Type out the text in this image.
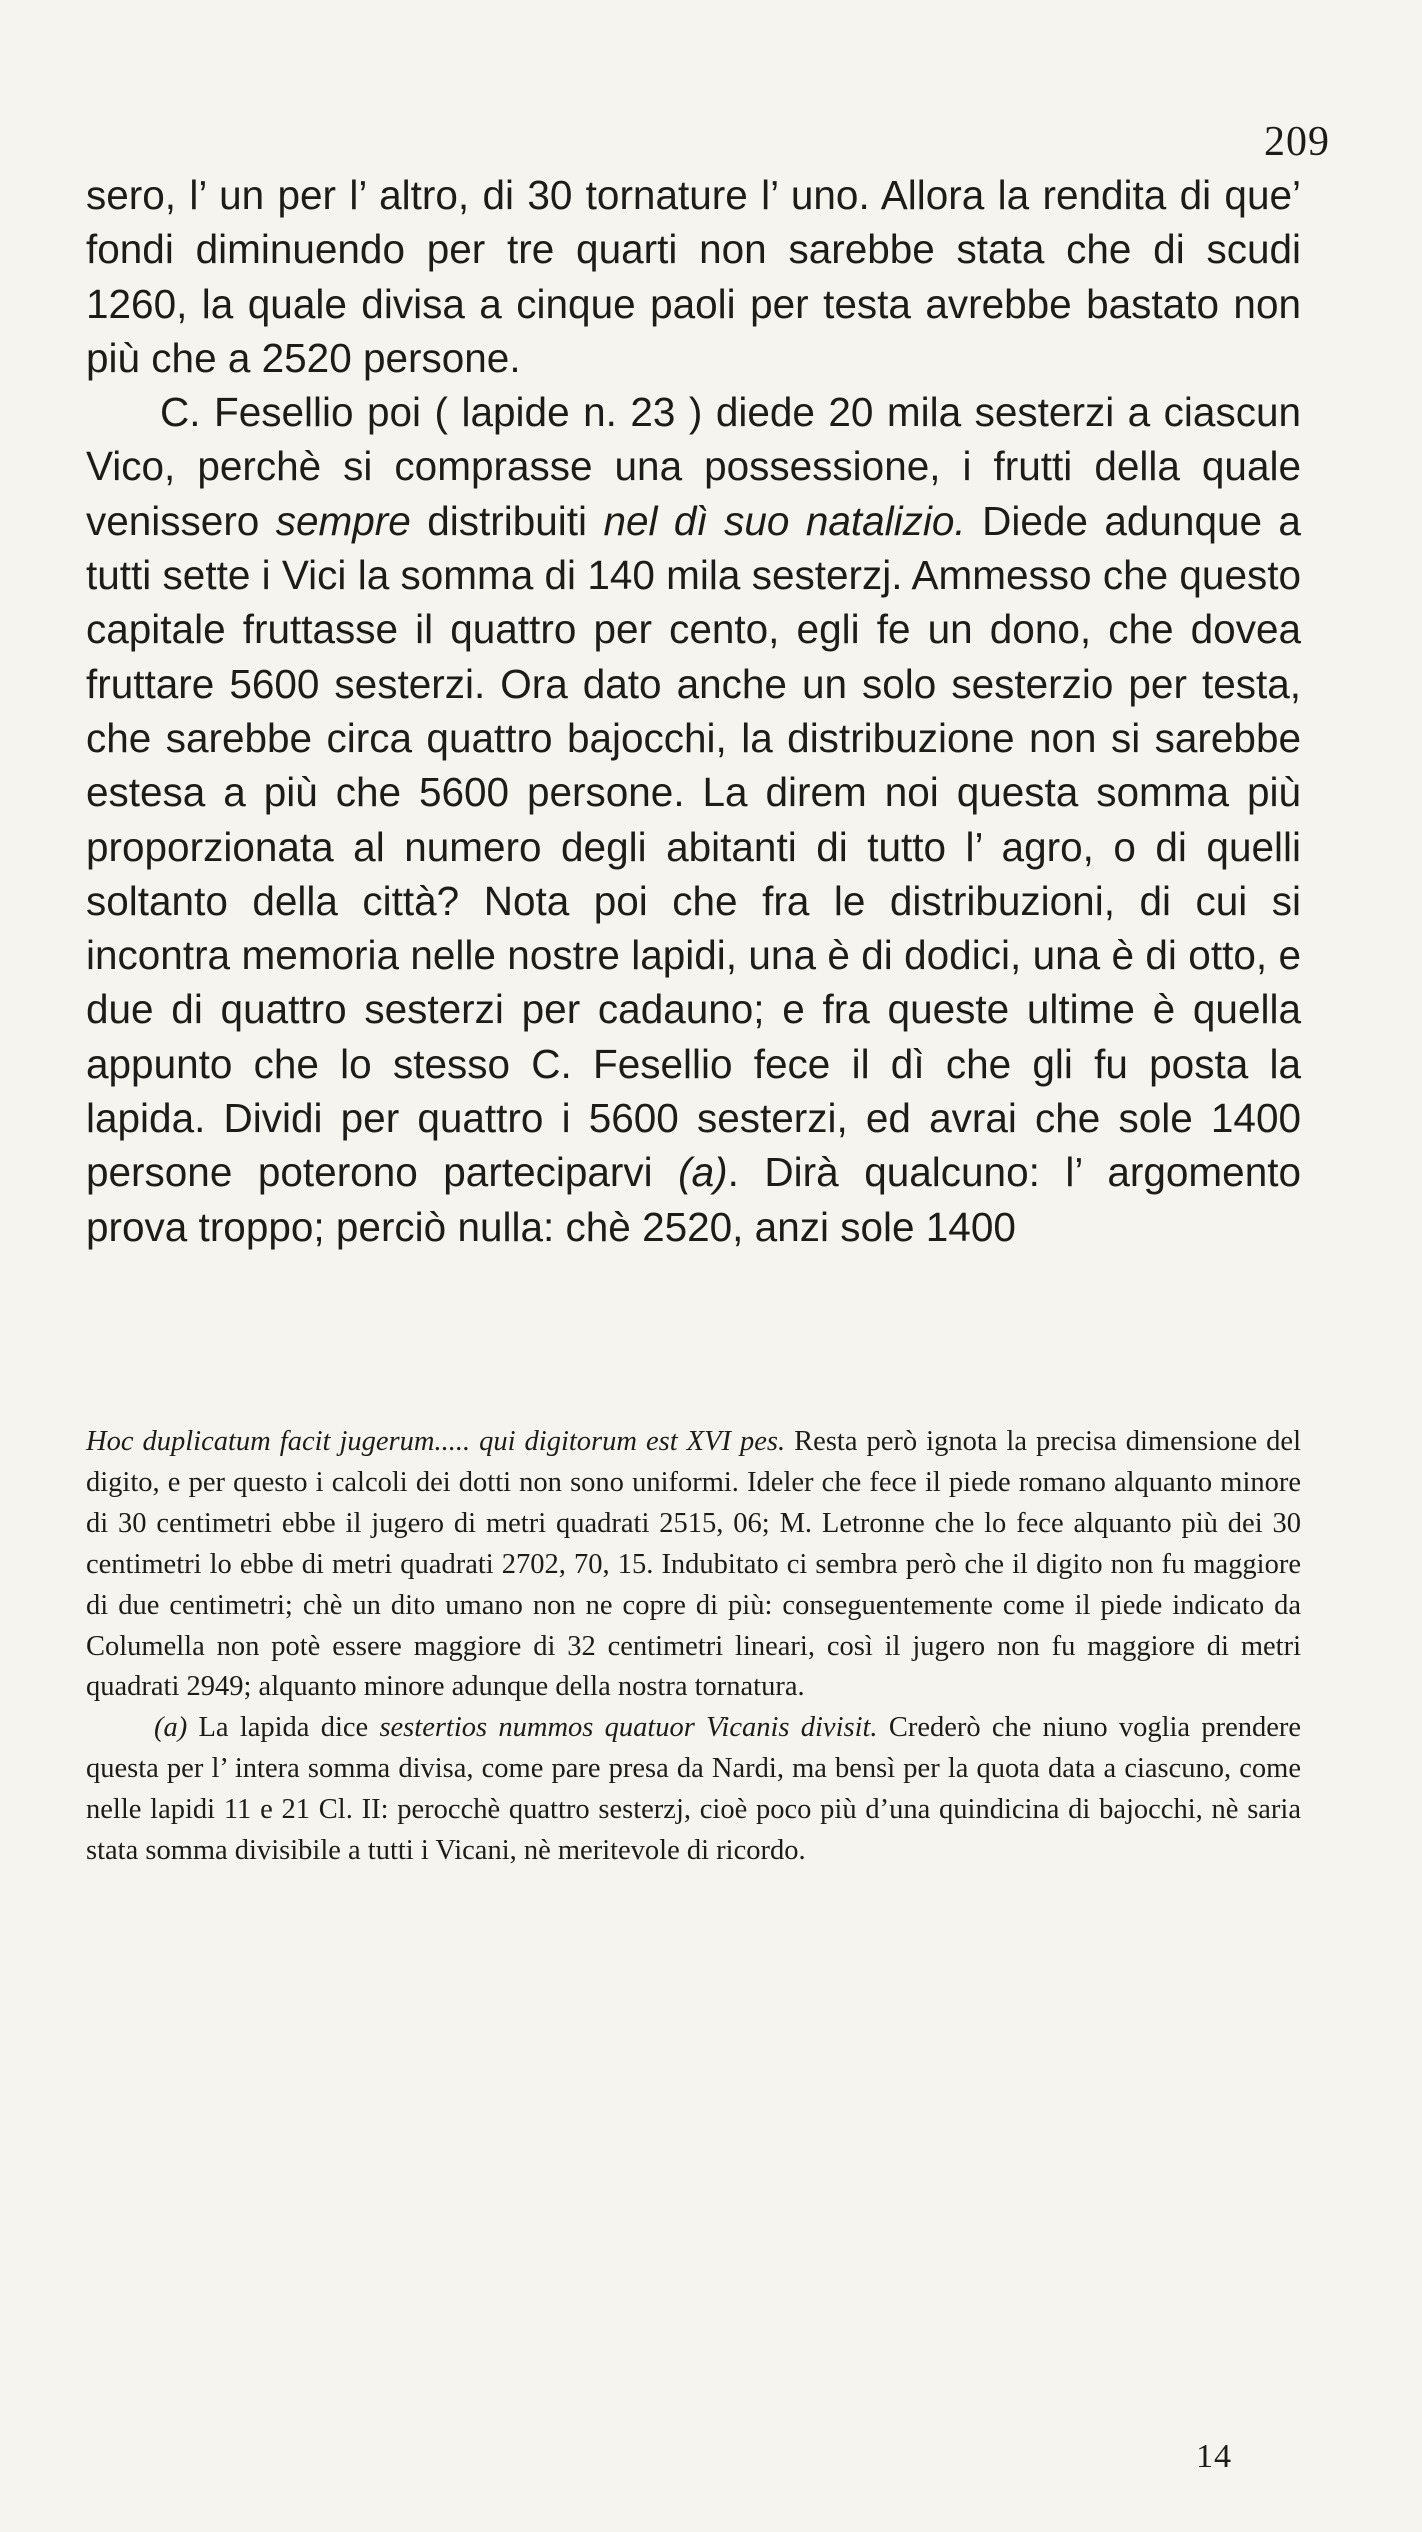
209

sero, l’ un per l’ altro, di 30 tornature l’ uno. Allora la rendita di que’ fondi diminuendo per tre quarti non sarebbe stata che di scudi 1260, la quale divisa a cinque paoli per testa avrebbe bastato non più che a 2520 persone.

C. Fesellio poi ( lapide n. 23 ) diede 20 mila sesterzi a ciascun Vico, perchè si comprasse una possessione, i frutti della quale venissero sempre distribuiti nel dì suo natalizio. Diede adunque a tutti sette i Vici la somma di 140 mila sesterzj. Ammesso che questo capitale fruttasse il quattro per cento, egli fe un dono, che dovea fruttare 5600 sesterzi. Ora dato anche un solo sesterzio per testa, che sarebbe circa quattro bajocchi, la distribuzione non si sarebbe estesa a più che 5600 persone. La direm noi questa somma più proporzionata al numero degli abitanti di tutto l’ agro, o di quelli soltanto della città? Nota poi che fra le distribuzioni, di cui si incontra memoria nelle nostre lapidi, una è di dodici, una è di otto, e due di quattro sesterzi per cadauno; e fra queste ultime è quella appunto che lo stesso C. Fesellio fece il dì che gli fu posta la lapida. Dividi per quattro i 5600 sesterzi, ed avrai che sole 1400 persone poterono parteciparvi (a). Dirà qualcuno: l’ argomento prova troppo; perciò nulla: chè 2520, anzi sole 1400

Hoc duplicatum facit jugerum..... qui digitorum est XVI pes. Resta però ignota la precisa dimensione del digito, e per questo i calcoli dei dotti non sono uniformi. Ideler che fece il piede romano alquanto minore di 30 centimetri ebbe il jugero di metri quadrati 2515, 06; M. Letronne che lo fece alquanto più dei 30 centimetri lo ebbe di metri quadrati 2702, 70, 15. Indubitato ci sembra però che il digito non fu maggiore di due centimetri; chè un dito umano non ne copre di più: conseguentemente come il piede indicato da Columella non potè essere maggiore di 32 centimetri lineari, così il jugero non fu maggiore di metri quadrati 2949; alquanto minore adunque della nostra tornatura.

(a) La lapida dice sestertios nummos quatuor Vicanis divisit. Crederò che niuno voglia prendere questa per l’ intera somma divisa, come pare presa da Nardi, ma bensì per la quota data a ciascuno, come nelle lapidi 11 e 21 Cl. II: perocchè quattro sesterzj, cioè poco più d’una quindicina di bajocchi, nè saria stata somma divisibile a tutti i Vicani, nè meritevole di ricordo.

14
